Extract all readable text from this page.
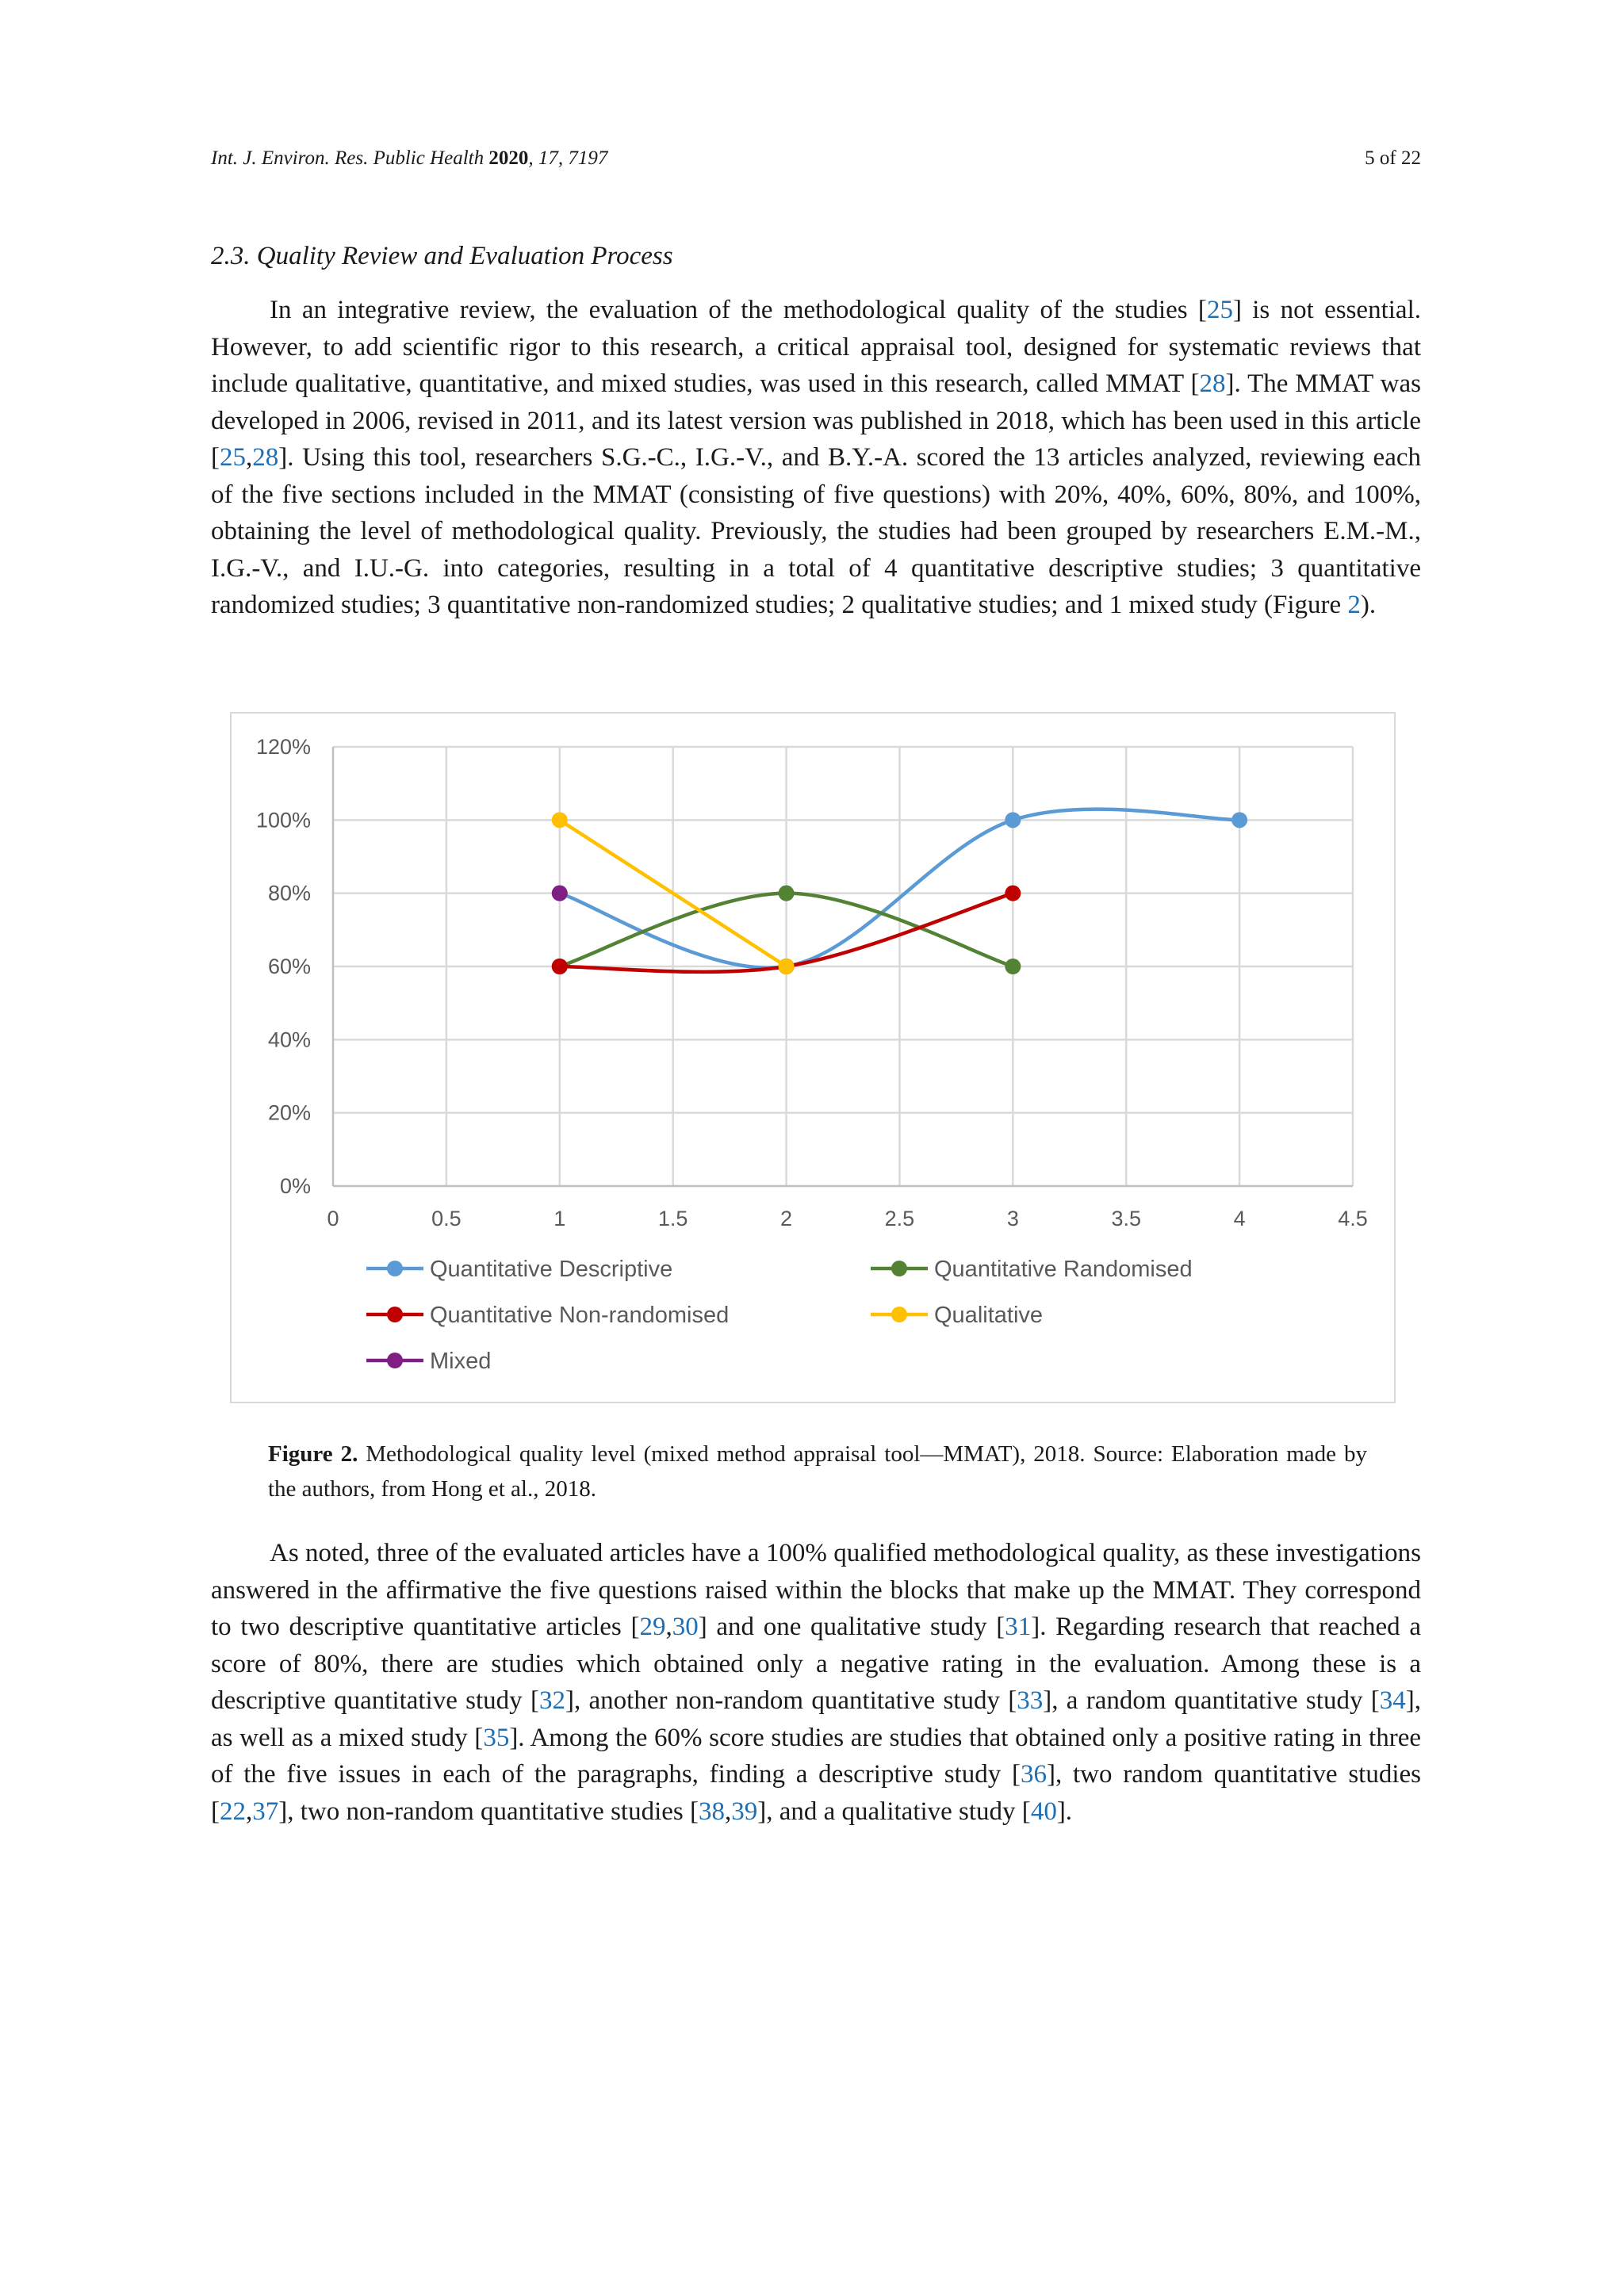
Int. J. Environ. Res. Public Health 2020, 17, 7197	5 of 22
2.3. Quality Review and Evaluation Process

In an integrative review, the evaluation of the methodological quality of the studies [25] is not essential. However, to add scientific rigor to this research, a critical appraisal tool, designed for systematic reviews that include qualitative, quantitative, and mixed studies, was used in this research, called MMAT [28]. The MMAT was developed in 2006, revised in 2011, and its latest version was published in 2018, which has been used in this article [25,28]. Using this tool, researchers S.G.-C., I.G.-V., and B.Y.-A. scored the 13 articles analyzed, reviewing each of the five sections included in the MMAT (consisting of five questions) with 20%, 40%, 60%, 80%, and 100%, obtaining the level of methodological quality. Previously, the studies had been grouped by researchers E.M.-M., I.G.-V., and I.U.-G. into categories, resulting in a total of 4 quantitative descriptive studies; 3 quantitative randomized studies; 3 quantitative non-randomized studies; 2 qualitative studies; and 1 mixed study (Figure 2).

0%
20%
40%
60%
80%
100%
120%
0	0.5	1	1.5	2	2.5	3	3.5	4	4.5
Quantitative Descriptive	Quantitative Randomised
Quantitative Non-randomised	Qualitative
Mixed
Figure 2. Methodological quality level (mixed method appraisal tool—MMAT), 2018. Source: Elaboration made by the authors, from Hong et al., 2018.

As noted, three of the evaluated articles have a 100% qualified methodological quality, as these investigations answered in the affirmative the five questions raised within the blocks that make up the MMAT. They correspond to two descriptive quantitative articles [29,30] and one qualitative study [31]. Regarding research that reached a score of 80%, there are studies which obtained only a negative rating in the evaluation. Among these is a descriptive quantitative study [32], another non-random quantitative study [33], a random quantitative study [34], as well as a mixed study [35]. Among the 60% score studies are studies that obtained only a positive rating in three of the five issues in each of the paragraphs, finding a descriptive study [36], two random quantitative studies [22,37], two non-random quantitative studies [38,39], and a qualitative study [40].
